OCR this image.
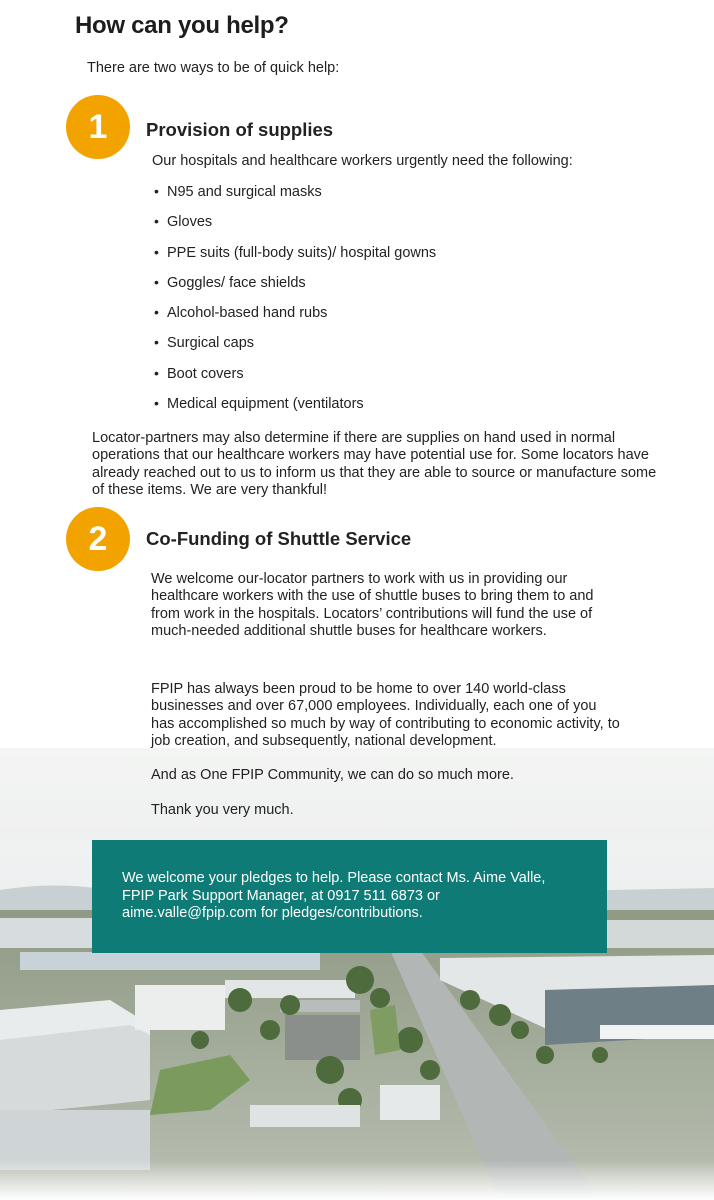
How can you help?
There are two ways to be of quick help:
1	Provision of supplies
Our hospitals and healthcare workers urgently need the following:
• N95 and surgical masks
• Gloves
• PPE suits (full-body suits)/ hospital gowns
• Goggles/ face shields
• Alcohol-based hand rubs
• Surgical caps
• Boot covers
• Medical equipment (ventilators
Locator-partners may also determine if there are supplies on hand used in normal operations that our healthcare workers may have potential use for. Some locators have already reached out to us to inform us that they are able to source or manufacture some of these items. We are very thankful!
2	Co-Funding of Shuttle Service
We welcome our-locator partners to work with us in providing our healthcare workers with the use of shuttle buses to bring them to and from work in the hospitals. Locators’ contributions will fund the use of much-needed additional shuttle buses for healthcare workers.
FPIP has always been proud to be home to over 140 world-class businesses and over 67,000 employees. Individually, each one of you has accomplished so much by way of contributing to economic activity, to job creation, and subsequently, national development.
And as One FPIP Community, we can do so much more.
Thank you very much.
We welcome your pledges to help. Please contact Ms. Aime Valle, FPIP Park Support Manager, at 0917 511 6873 or aime.valle@fpip.com for pledges/contributions.
